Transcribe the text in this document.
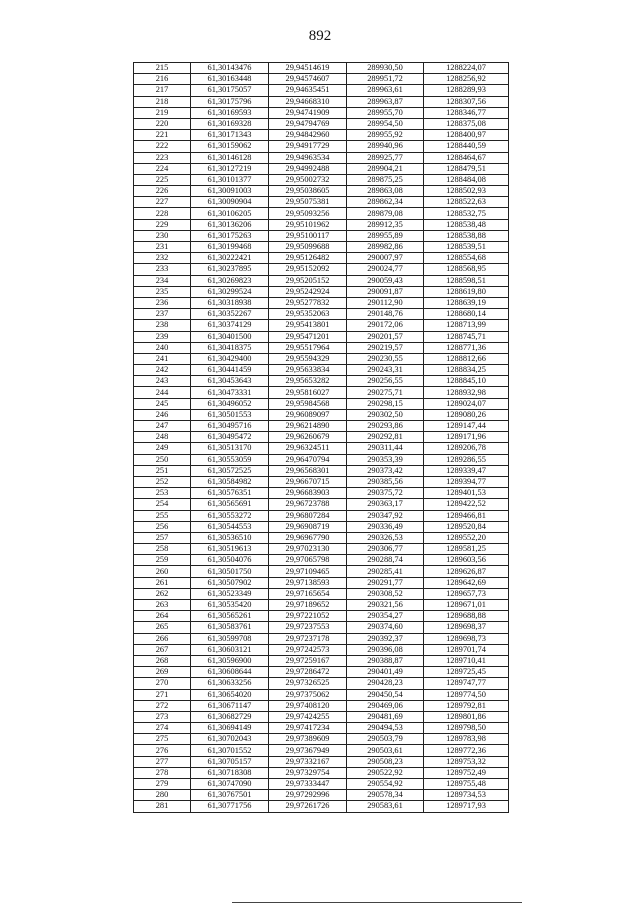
892
215	61,30143476	29,94514619	289930,50	1288224,07
216	61,30163448	29,94574607	289951,72	1288256,92
217	61,30175057	29,94635451	289963,61	1288289,93
218	61,30175796	29,94668310	289963,87	1288307,56
219	61,30169593	29,94741909	289955,70	1288346,77
220	61,30169328	29,94794769	289954,50	1288375,08
221	61,30171343	29,94842960	289955,92	1288400,97
222	61,30159062	29,94917729	289940,96	1288440,59
223	61,30146128	29,94963534	289925,77	1288464,67
224	61,30127219	29,94992488	289904,21	1288479,51
225	61,30101377	29,95002732	289875,25	1288484,08
226	61,30091003	29,95038605	289863,08	1288502,93
227	61,30090904	29,95075381	289862,34	1288522,63
228	61,30106205	29,95093256	289879,08	1288532,75
229	61,30136206	29,95101962	289912,35	1288538,48
230	61,30175263	29,95100117	289955,89	1288538,88
231	61,30199468	29,95099688	289982,86	1288539,51
232	61,30222421	29,95126482	290007,97	1288554,68
233	61,30237895	29,95152092	290024,77	1288568,95
234	61,30269823	29,95205152	290059,43	1288598,51
235	61,30299524	29,95242924	290091,87	1288619,80
236	61,30318938	29,95277832	290112,90	1288639,19
237	61,30352267	29,95352063	290148,76	1288680,14
238	61,30374129	29,95413801	290172,06	1288713,99
239	61,30401500	29,95471201	290201,57	1288745,71
240	61,30418375	29,95517964	290219,57	1288771,36
241	61,30429400	29,95594329	290230,55	1288812,66
242	61,30441459	29,95633834	290243,31	1288834,25
243	61,30453643	29,95653282	290256,55	1288845,10
244	61,30473331	29,95816027	290275,71	1288932,98
245	61,30496052	29,95984568	290298,15	1289024,07
246	61,30501553	29,96089097	290302,50	1289080,26
247	61,30495716	29,96214890	290293,86	1289147,44
248	61,30495472	29,96260679	290292,81	1289171,96
249	61,30513170	29,96324511	290311,44	1289206,78
250	61,30553059	29,96470794	290353,39	1289286,55
251	61,30572525	29,96568301	290373,42	1289339,47
252	61,30584982	29,96670715	290385,56	1289394,77
253	61,30576351	29,96683903	290375,72	1289401,53
254	61,30565691	29,96723788	290363,17	1289422,52
255	61,30553272	29,96807284	290347,92	1289466,81
256	61,30544553	29,96908719	290336,49	1289520,84
257	61,30536510	29,96967790	290326,53	1289552,20
258	61,30519613	29,97023130	290306,77	1289581,25
259	61,30504076	29,97065798	290288,74	1289603,56
260	61,30501750	29,97109465	290285,41	1289626,87
261	61,30507902	29,97138593	290291,77	1289642,69
262	61,30523349	29,97165654	290308,52	1289657,73
263	61,30535420	29,97189652	290321,56	1289671,01
264	61,30565261	29,97221052	290354,27	1289688,88
265	61,30583761	29,97237553	290374,60	1289698,37
266	61,30599708	29,97237178	290392,37	1289698,73
267	61,30603121	29,97242573	290396,08	1289701,74
268	61,30596900	29,97259167	290388,87	1289710,41
269	61,30608644	29,97286472	290401,49	1289725,45
270	61,30633256	29,97326525	290428,23	1289747,77
271	61,30654020	29,97375062	290450,54	1289774,50
272	61,30671147	29,97408120	290469,06	1289792,81
273	61,30682729	29,97424255	290481,69	1289801,86
274	61,30694149	29,97417234	290494,53	1289798,50
275	61,30702043	29,97389609	290503,79	1289783,98
276	61,30701552	29,97367949	290503,61	1289772,36
277	61,30705157	29,97332167	290508,23	1289753,32
278	61,30718308	29,97329754	290522,92	1289752,49
279	61,30747090	29,97333447	290554,92	1289755,48
280	61,30767501	29,97292996	290578,34	1289734,53
281	61,30771756	29,97261726	290583,61	1289717,93
